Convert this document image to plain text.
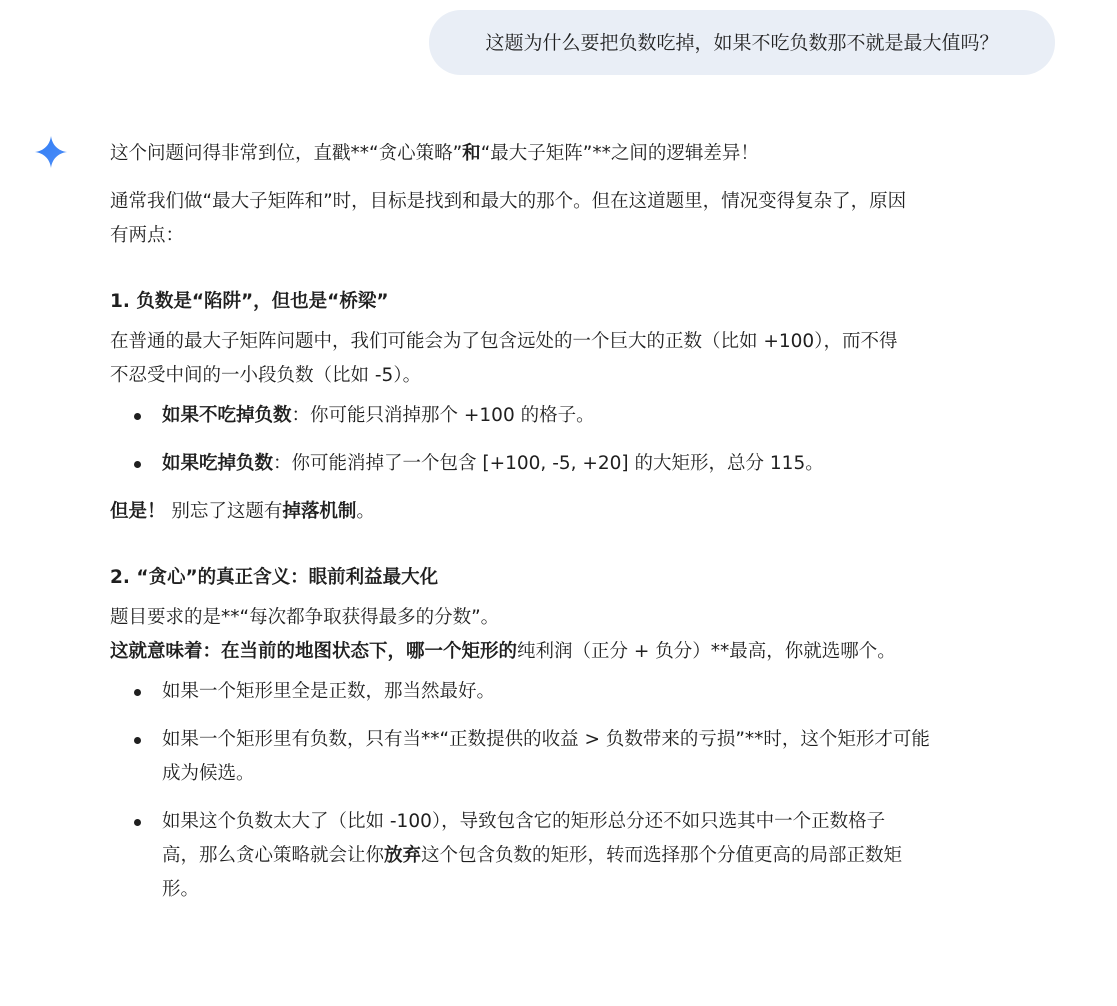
这题为什么要把负数吃掉，如果不吃负数那不就是最大值吗？

这个问题问得非常到位，直戳**“贪心策略”和“最大子矩阵”**之间的逻辑差异！

通常我们做“最大子矩阵和”时，目标是找到和最大的那个。但在这道题里，情况变得复杂了，原因

有两点：

1. 负数是“陷阱”，但也是“桥梁”

在普通的最大子矩阵问题中，我们可能会为了包含远处的一个巨大的正数（比如 +100），而不得

不忍受中间的一小段负数（比如 -5）。

如果不吃掉负数：你可能只消掉那个 +100 的格子。
如果吃掉负数：你可能消掉了一个包含 [+100, -5, +20] 的大矩形，总分 115。

但是！ 别忘了这题有掉落机制。

2. “贪心”的真正含义：眼前利益最大化

题目要求的是**“每次都争取获得最多的分数”。

这就意味着：在当前的地图状态下，哪一个矩形的纯利润（正分 + 负分）**最高，你就选哪个。

如果一个矩形里全是正数，那当然最好。
如果一个矩形里有负数，只有当**“正数提供的收益 > 负数带来的亏损”**时，这个矩形才可能
成为候选。
如果这个负数太大了（比如 -100），导致包含它的矩形总分还不如只选其中一个正数格子
高，那么贪心策略就会让你放弃这个包含负数的矩形，转而选择那个分值更高的局部正数矩
形。
